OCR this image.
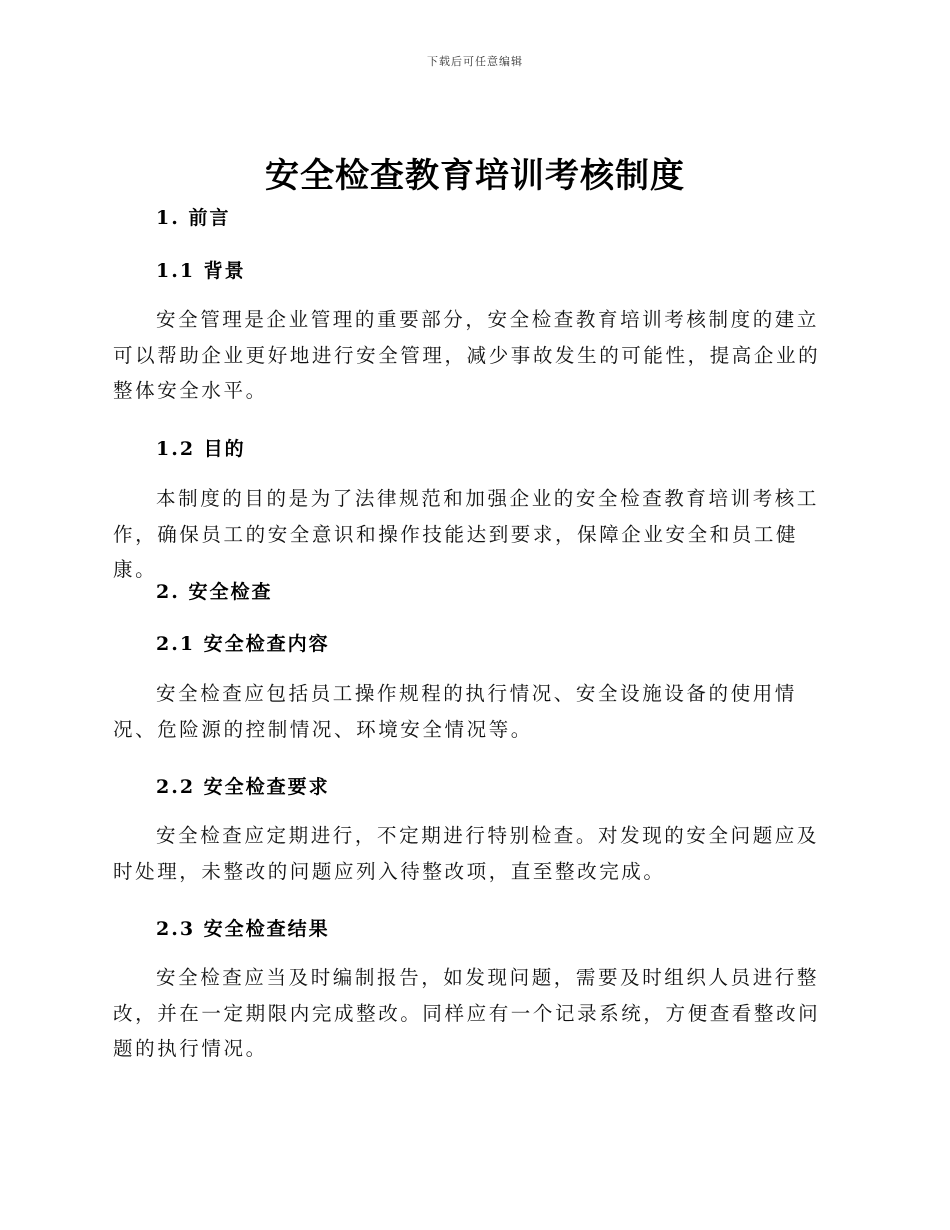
下载后可任意编辑
安全检查教育培训考核制度
1. 前言
1.1 背景

安全管理是企业管理的重要部分，安全检查教育培训考核制度的建立可以帮助企业更好地进行安全管理，减少事故发生的可能性，提高企业的整体安全水平。

1.2 目的

本制度的目的是为了法律规范和加强企业的安全检查教育培训考核工作，确保员工的安全意识和操作技能达到要求，保障企业安全和员工健康。

2. 安全检查
2.1 安全检查内容

安全检查应包括员工操作规程的执行情况、安全设施设备的使用情况、危险源的控制情况、环境安全情况等。

2.2 安全检查要求

安全检查应定期进行，不定期进行特别检查。对发现的安全问题应及时处理，未整改的问题应列入待整改项，直至整改完成。

2.3 安全检查结果

安全检查应当及时编制报告，如发现问题，需要及时组织人员进行整改，并在一定期限内完成整改。同样应有一个记录系统，方便查看整改问题的执行情况。
